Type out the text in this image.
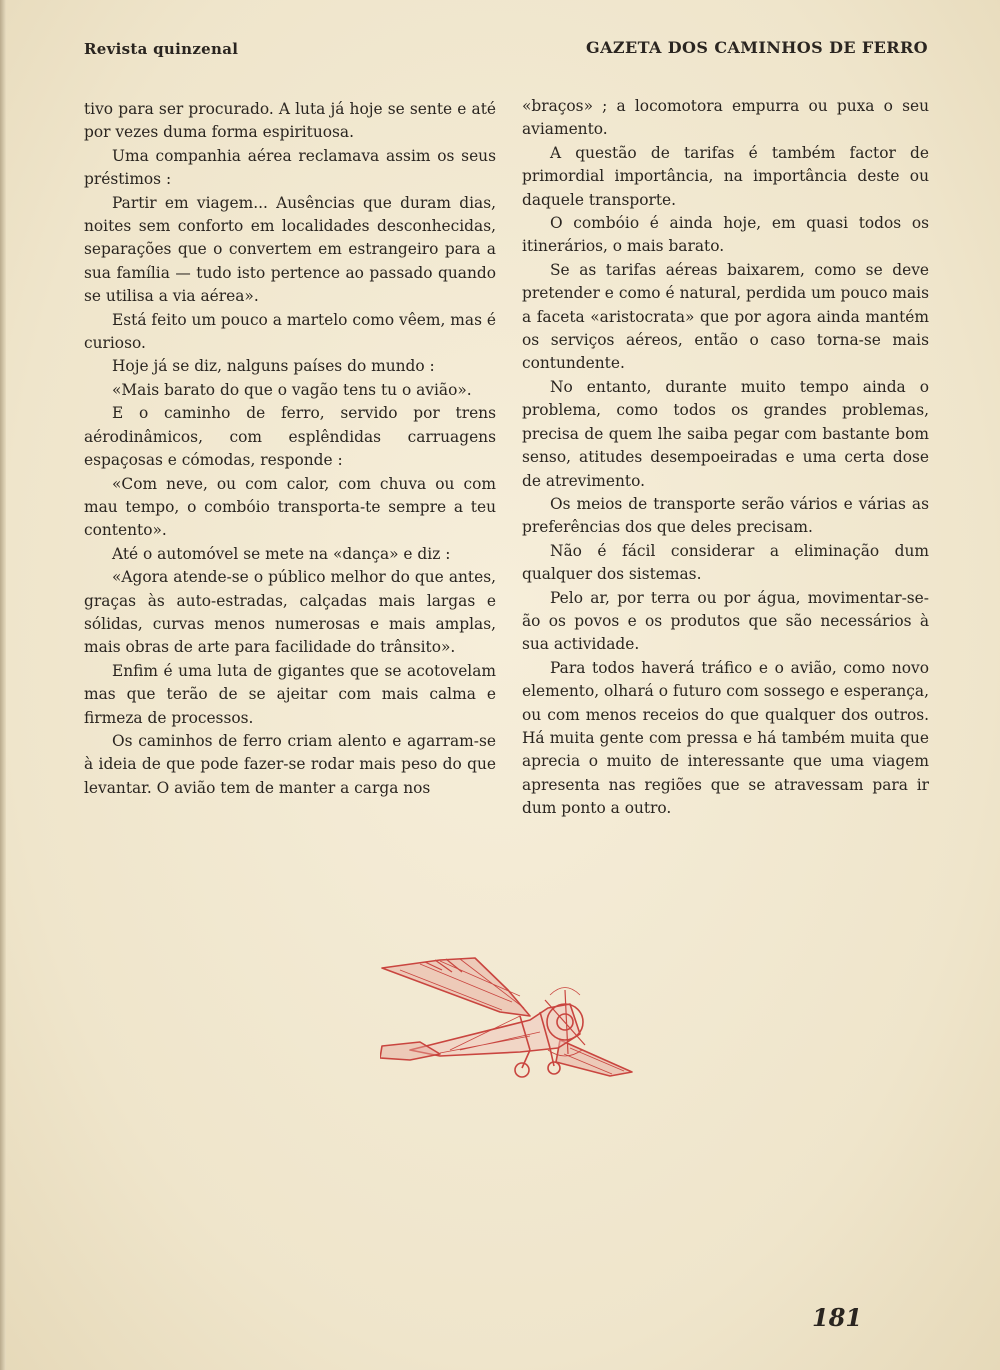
Revista quinzenal	GAZETA DOS CAMINHOS DE FERRO

tivo para ser procurado. A luta já hoje se sente e até por vezes duma forma espirituosa.

Uma companhia aérea reclamava assim os seus préstimos :

Partir em viagem... Ausências que duram dias, noites sem conforto em localidades desconhecidas, separações que o convertem em estrangeiro para a sua família — tudo isto pertence ao passado quando se utilisa a via aérea».

Está feito um pouco a martelo como vêem, mas é curioso.

Hoje já se diz, nalguns países do mundo :

«Mais barato do que o vagão tens tu o avião».

E o caminho de ferro, servido por trens aérodinâmicos, com esplêndidas carruagens espaçosas e cómodas, responde :

«Com neve, ou com calor, com chuva ou com mau tempo, o combóio transporta-te sempre a teu contento».

Até o automóvel se mete na «dança» e diz :

«Agora atende-se o público melhor do que antes, graças às auto-estradas, calçadas mais largas e sólidas, curvas menos numerosas e mais amplas, mais obras de arte para facilidade do trânsito».

Enfim é uma luta de gigantes que se acotovelam mas que terão de se ajeitar com mais calma e firmeza de processos.

Os caminhos de ferro criam alento e agarram-se à ideia de que pode fazer-se rodar mais peso do que levantar. O avião tem de manter a carga nos

«braços» ; a locomotora empurra ou puxa o seu aviamento.

A questão de tarifas é também factor de primordial importância, na importância deste ou daquele transporte.

O combóio é ainda hoje, em quasi todos os itinerários, o mais barato.

Se as tarifas aéreas baixarem, como se deve pretender e como é natural, perdida um pouco mais a faceta «aristocrata» que por agora ainda mantém os serviços aéreos, então o caso torna-se mais contundente.

No entanto, durante muito tempo ainda o problema, como todos os grandes problemas, precisa de quem lhe saiba pegar com bastante bom senso, atitudes desempoeiradas e uma certa dose de atrevimento.

Os meios de transporte serão vários e várias as preferências dos que deles precisam.

Não é fácil considerar a eliminação dum qualquer dos sistemas.

Pelo ar, por terra ou por água, movimentar-se-ão os povos e os produtos que são necessários à sua actividade.

Para todos haverá tráfico e o avião, como novo elemento, olhará o futuro com sossego e esperança, ou com menos receios do que qualquer dos outros. Há muita gente com pressa e há também muita que aprecia o muito de interessante que uma viagem apresenta nas regiões que se atravessam para ir dum ponto a outro.

181
